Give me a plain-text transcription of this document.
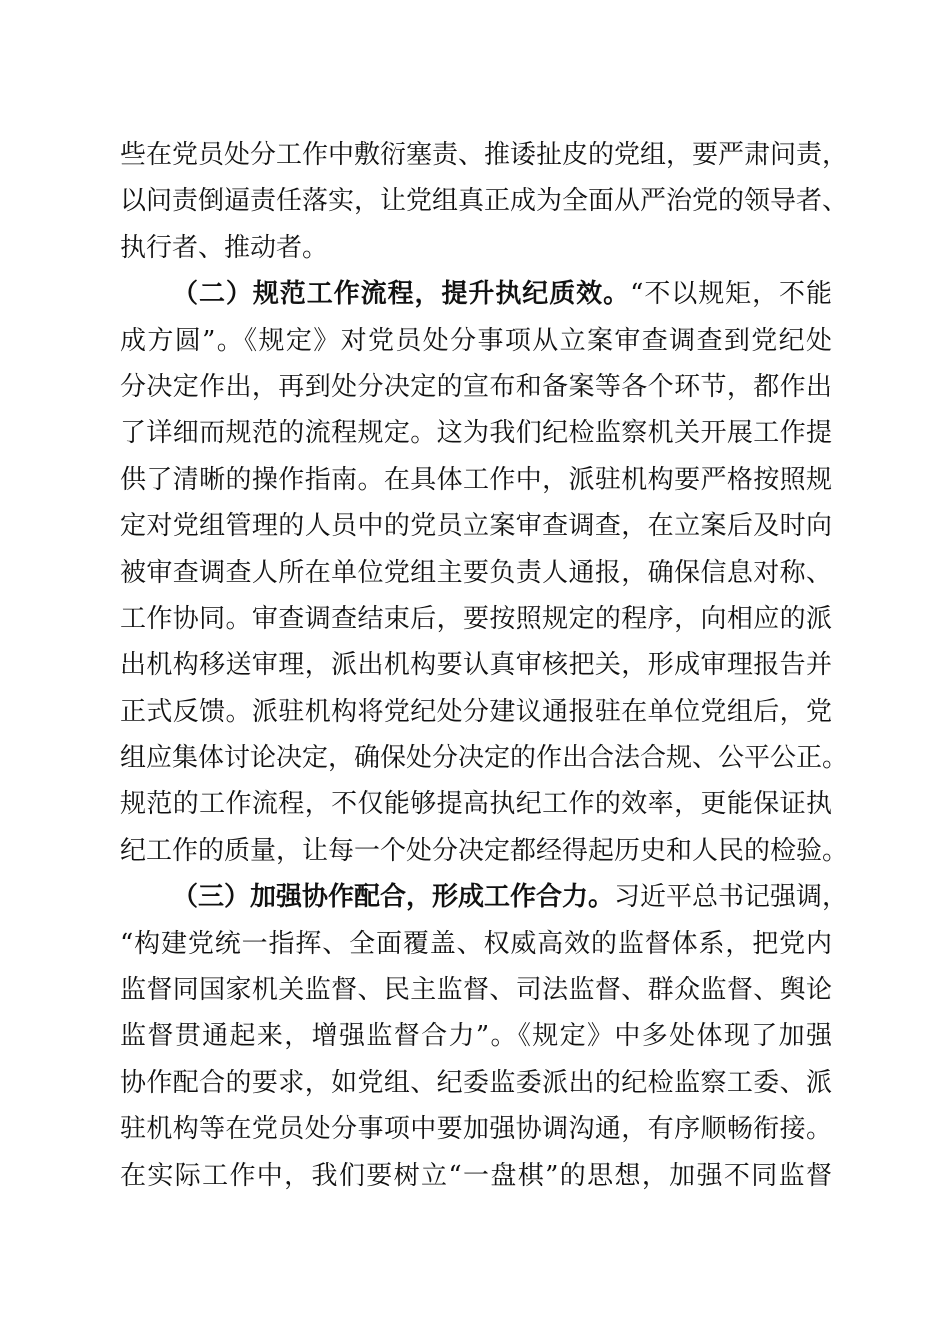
些在党员处分工作中敷衍塞责、推诿扯皮的党组，要严肃问责，
以问责倒逼责任落实，让党组真正成为全面从严治党的领导者、
执行者、推动者。
（二）规范工作流程，提升执纪质效。“不以规矩，不能
成方圆”。《规定》对党员处分事项从立案审查调查到党纪处
分决定作出，再到处分决定的宣布和备案等各个环节，都作出
了详细而规范的流程规定。这为我们纪检监察机关开展工作提
供了清晰的操作指南。在具体工作中，派驻机构要严格按照规
定对党组管理的人员中的党员立案审查调查，在立案后及时向
被审查调查人所在单位党组主要负责人通报，确保信息对称、
工作协同。审查调查结束后，要按照规定的程序，向相应的派
出机构移送审理，派出机构要认真审核把关，形成审理报告并
正式反馈。派驻机构将党纪处分建议通报驻在单位党组后，党
组应集体讨论决定，确保处分决定的作出合法合规、公平公正。
规范的工作流程，不仅能够提高执纪工作的效率，更能保证执
纪工作的质量，让每一个处分决定都经得起历史和人民的检验。
（三）加强协作配合，形成工作合力。习近平总书记强调，
“构建党统一指挥、全面覆盖、权威高效的监督体系，把党内
监督同国家机关监督、民主监督、司法监督、群众监督、舆论
监督贯通起来，增强监督合力”。《规定》中多处体现了加强
协作配合的要求，如党组、纪委监委派出的纪检监察工委、派
驻机构等在党员处分事项中要加强协调沟通，有序顺畅衔接。
在实际工作中，我们要树立“一盘棋”的思想，加强不同监督
